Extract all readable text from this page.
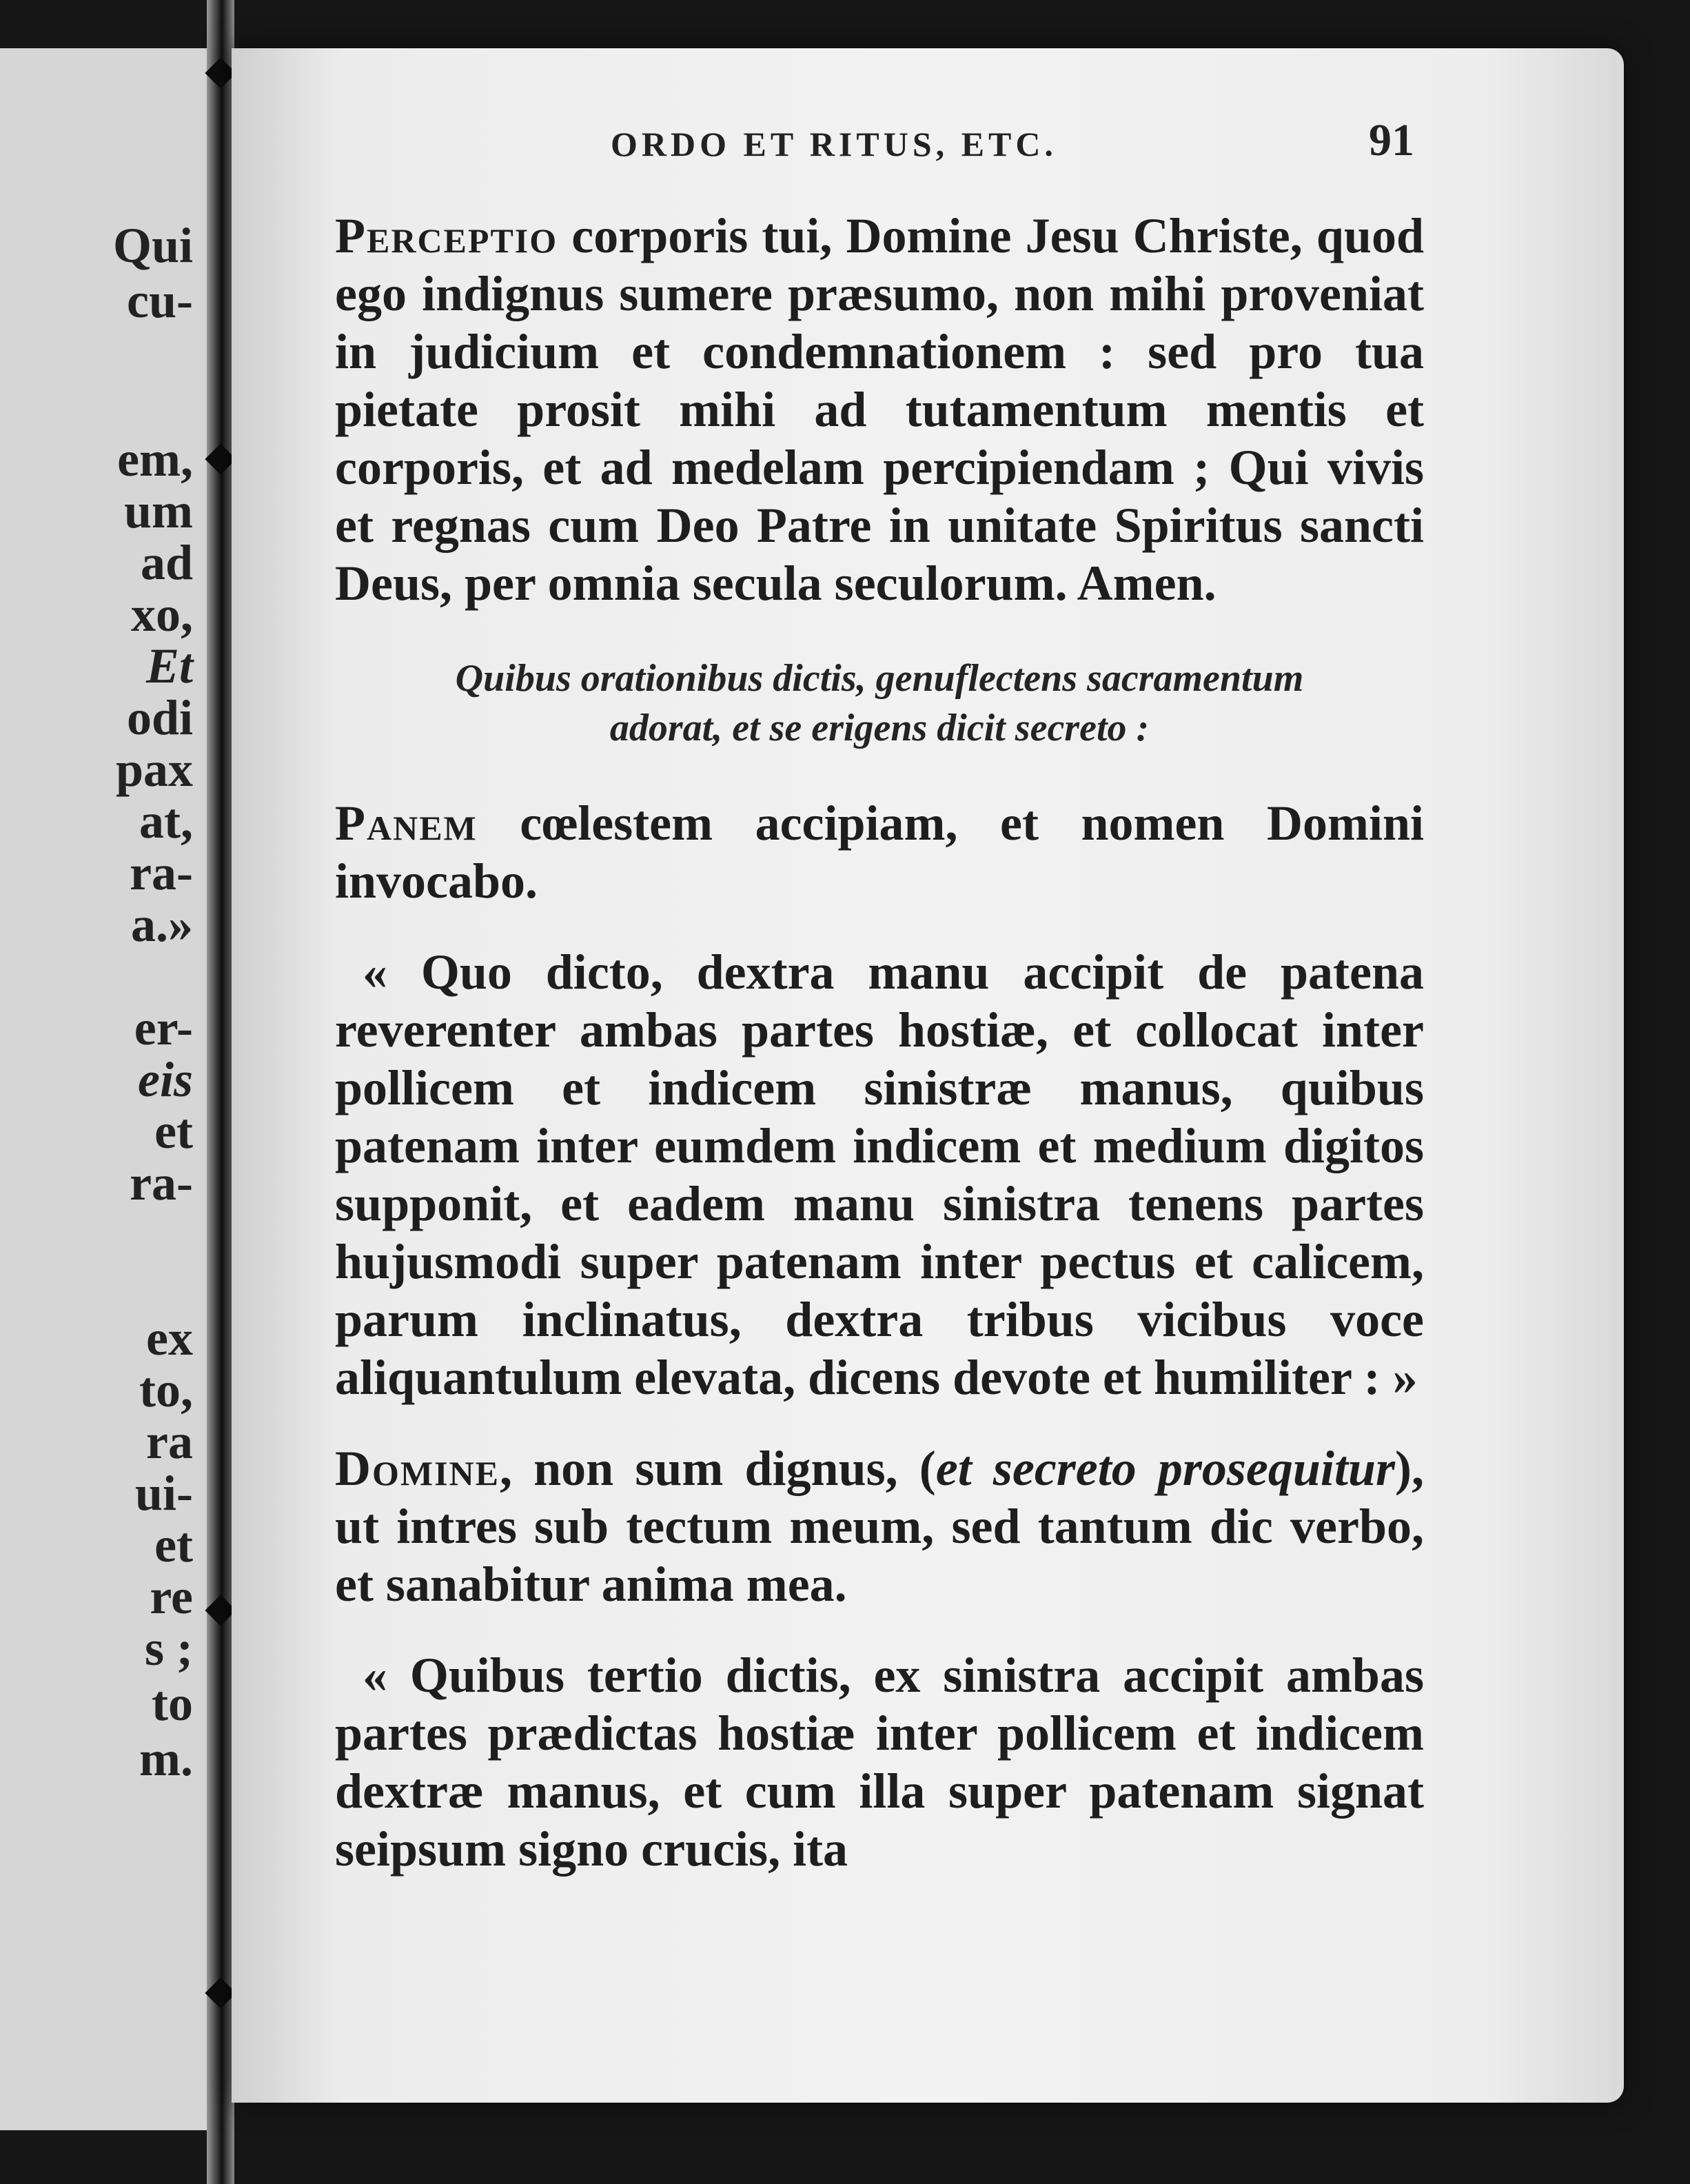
Qui
cu-
em,
um
ad
xo,
Et
odi
pax
at,
ra-
a.»
er-
eis
et
ra-
ex
to,
ra
ui-
et
re
s ;
to
m.
ORDO ET RITUS, ETC.	91

Perceptio corporis tui, Domine Jesu Christe, quod ego indignus sumere præsumo, non mihi proveniat in judicium et condemnationem : sed pro tua pietate prosit mihi ad tutamentum mentis et corporis, et ad medelam percipiendam ; Qui vivis et regnas cum Deo Patre in unitate Spiritus sancti Deus, per omnia secula seculorum. Amen.

Quibus orationibus dictis, genuflectens sacramentum
adorat, et se erigens dicit secreto :

Panem cœlestem accipiam, et nomen Domini invocabo.

« Quo dicto, dextra manu accipit de patena reverenter ambas partes hostiæ, et collocat inter pollicem et indicem sinistræ manus, quibus patenam inter eumdem indicem et medium digitos supponit, et eadem manu sinistra tenens partes hujusmodi super patenam inter pectus et calicem, parum inclinatus, dextra tribus vicibus voce aliquantulum elevata, dicens devote et humiliter : »

Domine, non sum dignus, (et secreto prosequitur), ut intres sub tectum meum, sed tantum dic verbo, et sanabitur anima mea.

« Quibus tertio dictis, ex sinistra accipit ambas partes prædictas hostiæ inter pollicem et indicem dextræ manus, et cum illa super patenam signat seipsum signo crucis, ita
